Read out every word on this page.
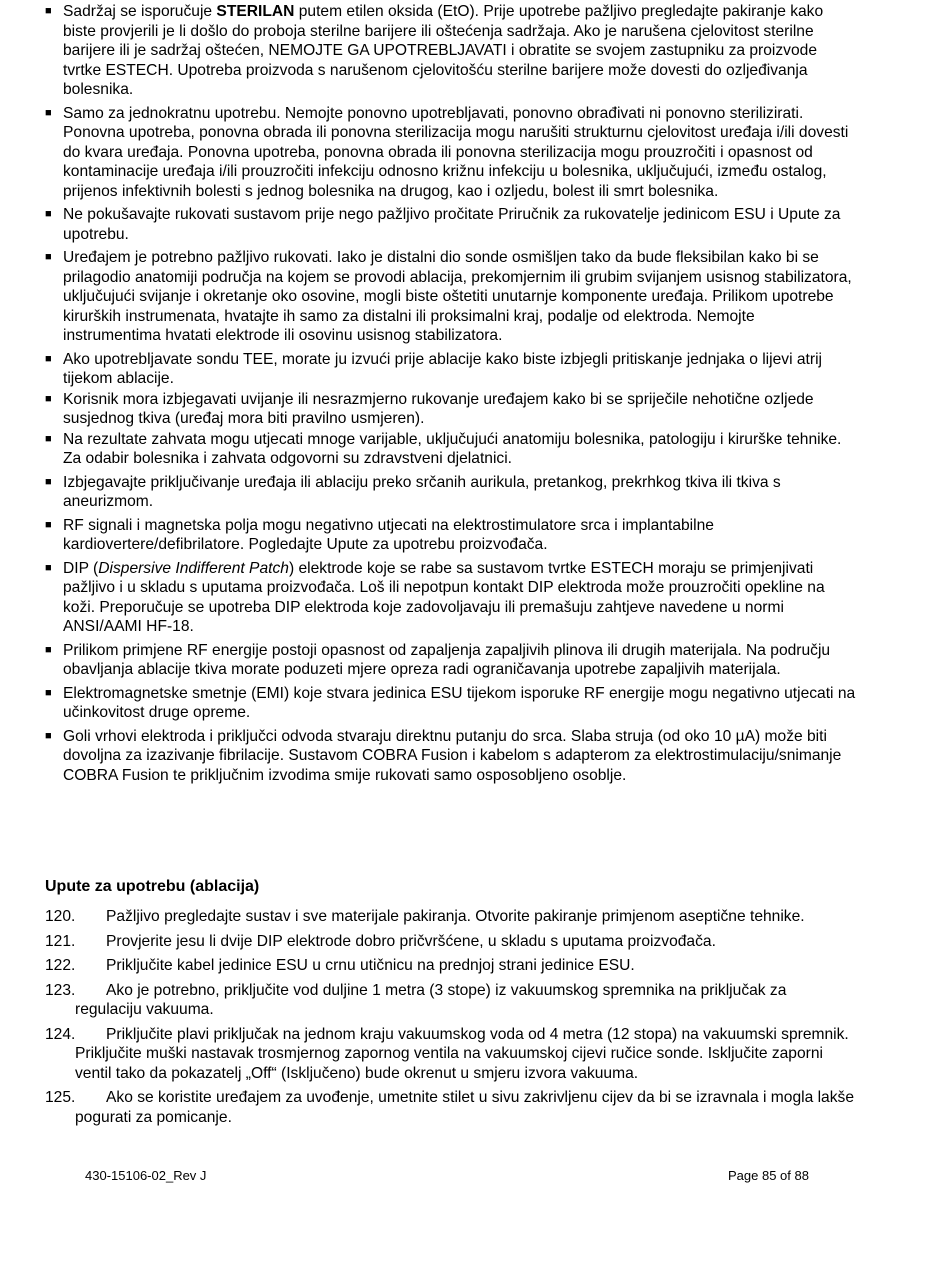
■ Sadržaj se isporučuje STERILAN putem etilen oksida (EtO). Prije upotrebe pažljivo pregledajte pakiranje kako biste provjerili je li došlo do proboja sterilne barijere ili oštećenja sadržaja. Ako je narušena cjelovitost sterilne barijere ili je sadržaj oštećen, NEMOJTE GA UPOTREBLJAVATI i obratite se svojem zastupniku za proizvode tvrtke ESTECH. Upotreba proizvoda s narušenom cjelovitošću sterilne barijere može dovesti do ozljeđivanja bolesnika.
■ Samo za jednokratnu upotrebu. Nemojte ponovno upotrebljavati, ponovno obrađivati ni ponovno sterilizirati. Ponovna upotreba, ponovna obrada ili ponovna sterilizacija mogu narušiti strukturnu cjelovitost uređaja i/ili dovesti do kvara uređaja. Ponovna upotreba, ponovna obrada ili ponovna sterilizacija mogu prouzročiti i opasnost od kontaminacije uređaja i/ili prouzročiti infekciju odnosno križnu infekciju u bolesnika, uključujući, između ostalog, prijenos infektivnih bolesti s jednog bolesnika na drugog, kao i ozljedu, bolest ili smrt bolesnika.
■ Ne pokušavajte rukovati sustavom prije nego pažljivo pročitate Priručnik za rukovatelje jedinicom ESU i Upute za upotrebu.
■ Uređajem je potrebno pažljivo rukovati. Iako je distalni dio sonde osmišljen tako da bude fleksibilan kako bi se prilagodio anatomiji područja na kojem se provodi ablacija, prekomjernim ili grubim svijanjem usisnog stabilizatora, uključujući svijanje i okretanje oko osovine, mogli biste oštetiti unutarnje komponente uređaja. Prilikom upotrebe kirurških instrumenata, hvatajte ih samo za distalni ili proksimalni kraj, podalje od elektroda. Nemojte instrumentima hvatati elektrode ili osovinu usisnog stabilizatora.
■ Ako upotrebljavate sondu TEE, morate ju izvući prije ablacije kako biste izbjegli pritiskanje jednjaka o lijevi atrij tijekom ablacije.
■ Korisnik mora izbjegavati uvijanje ili nesrazmjerno rukovanje uređajem kako bi se spriječile nehotične ozljede susjednog tkiva (uređaj mora biti pravilno usmjeren).
■ Na rezultate zahvata mogu utjecati mnoge varijable, uključujući anatomiju bolesnika, patologiju i kirurške tehnike. Za odabir bolesnika i zahvata odgovorni su zdravstveni djelatnici.
■ Izbjegavajte priključivanje uređaja ili ablaciju preko srčanih aurikula, pretankog, prekrhkog tkiva ili tkiva s aneurizmom.
■ RF signali i magnetska polja mogu negativno utjecati na elektrostimulatore srca i implantabilne kardiovertere/defibrilatore. Pogledajte Upute za upotrebu proizvođača.
■ DIP (Dispersive Indifferent Patch) elektrode koje se rabe sa sustavom tvrtke ESTECH moraju se primjenjivati pažljivo i u skladu s uputama proizvođača. Loš ili nepotpun kontakt DIP elektroda može prouzročiti opekline na koži. Preporučuje se upotreba DIP elektroda koje zadovoljavaju ili premašuju zahtjeve navedene u normi ANSI/AAMI HF-18.
■ Prilikom primjene RF energije postoji opasnost od zapaljenja zapaljivih plinova ili drugih materijala. Na području obavljanja ablacije tkiva morate poduzeti mjere opreza radi ograničavanja upotrebe zapaljivih materijala.
■ Elektromagnetske smetnje (EMI) koje stvara jedinica ESU tijekom isporuke RF energije mogu negativno utjecati na učinkovitost druge opreme.
■ Goli vrhovi elektroda i priključci odvoda stvaraju direktnu putanju do srca. Slaba struja (od oko 10 µA) može biti dovoljna za izazivanje fibrilacije. Sustavom COBRA Fusion i kabelom s adapterom za elektrostimulaciju/snimanje COBRA Fusion te priključnim izvodima smije rukovati samo osposobljeno osoblje.
Upute za upotrebu (ablacija)
120.	Pažljivo pregledajte sustav i sve materijale pakiranja. Otvorite pakiranje primjenom aseptične tehnike.
121.	Provjerite jesu li dvije DIP elektrode dobro pričvršćene, u skladu s uputama proizvođača.
122.	Priključite kabel jedinice ESU u crnu utičnicu na prednjoj strani jedinice ESU.
123.	Ako je potrebno, priključite vod duljine 1 metra (3 stope) iz vakuumskog spremnika na priključak za regulaciju vakuuma.
124.	Priključite plavi priključak na jednom kraju vakuumskog voda od 4 metra (12 stopa) na vakuumski spremnik. Priključite muški nastavak trosmjernog zapornog ventila na vakuumskoj cijevi ručice sonde. Isključite zaporni ventil tako da pokazatelj „Off“ (Isključeno) bude okrenut u smjeru izvora vakuuma.
125.	Ako se koristite uređajem za uvođenje, umetnite stilet u sivu zakrivljenu cijev da bi se izravnala i mogla lakše pogurati za pomicanje.
430-15106-02_Rev J	Page 85 of 88
